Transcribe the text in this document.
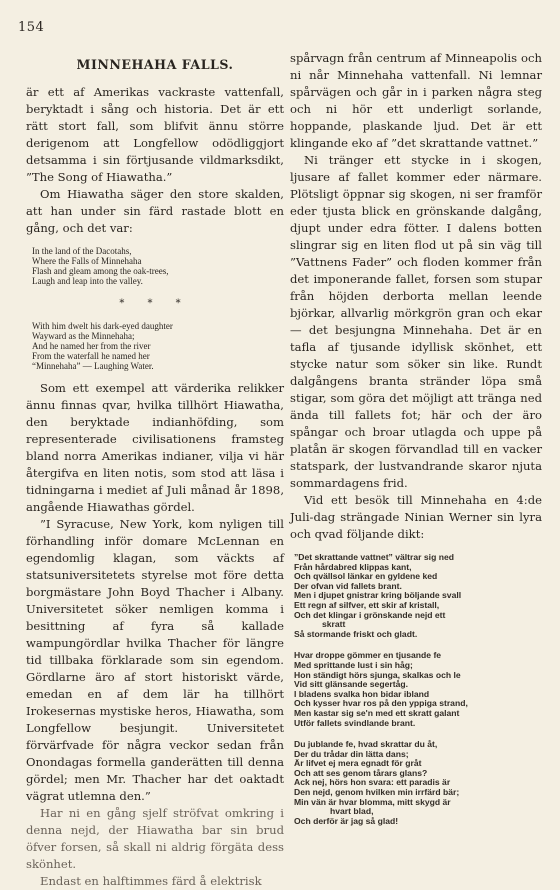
154
MINNEHAHA FALLS.

är ett af Amerikas vackraste vattenfall, beryktadt i sång och historia. Det är ett rätt stort fall, som blifvit ännu större derigenom att Longfellow odödliggjort detsamma i sin förtjusande vildmarksdikt, ”The Song of Hiawatha.”

Om Hiawatha säger den store skalden, att han under sin färd rastade blott en gång, och det var:

In the land of the Dacotahs,
Where the Falls of Minnehaha
Flash and gleam among the oak-trees,
Laugh and leap into the valley.
* * *
With him dwelt his dark-eyed daughter
Wayward as the Minnehaha;
And he named her from the river
From the waterfall he named her
“Minnehaha” — Laughing Water.

Som ett exempel att värderika relikker ännu finnas qvar, hvilka tillhört Hiawatha, den beryktade indianhöfding, som representerade civilisationens framsteg bland norra Amerikas indianer, vilja vi här återgifva en liten notis, som stod att läsa i tidningarna i mediet af Juli månad år 1898, angående Hiawathas gördel.

”I Syracuse, New York, kom nyligen till förhandling inför domare McLennan en egendomlig klagan, som väckts af statsuniversitetets styrelse mot före detta borgmästare John Boyd Thacher i Albany. Universitetet söker nemligen komma i besittning af fyra så kallade wampungördlar hvilka Thacher för längre tid tillbaka förklarade som sin egendom. Gördlarne äro af stort historiskt värde, emedan en af dem lär ha tillhört Irokesernas mystiske heros, Hiawatha, som Longfellow besjungit. Universitetet förvärfvade för några veckor sedan från Onondagas formella ganderätten till denna gördel; men Mr. Thacher har det oaktadt vägrat utlemna den.”

Har ni en gång sjelf ströfvat omkring i denna nejd, der Hiawatha bar sin brud öfver forsen, så skall ni aldrig förgäta dess skönhet.

Endast en halftimmes färd å elektrisk

spårvagn från centrum af Minneapolis och ni når Minnehaha vattenfall. Ni lemnar spårvägen och går in i parken några steg och ni hör ett underligt sorlande, hoppande, plaskande ljud. Det är ett klingande eko af ”det skrattande vattnet.”

Ni tränger ett stycke in i skogen, ljusare af fallet kommer eder närmare. Plötsligt öppnar sig skogen, ni ser framför eder tjusta blick en grönskande dalgång, djupt under edra fötter. I dalens botten slingrar sig en liten flod ut på sin väg till ”Vattnens Fader” och floden kommer från det imponerande fallet, forsen som stupar från höjden derborta mellan leende björkar, allvarlig mörkgrön gran och ekar — det besjungna Minnehaha. Det är en tafla af tjusande idyllisk skönhet, ett stycke natur som söker sin like. Rundt dalgångens branta stränder löpa små stigar, som göra det möjligt att tränga ned ända till fallets fot; här och der äro spångar och broar utlagda och uppe på platån är skogen förvandlad till en vacker statspark, der lustvandrande skaror njuta sommardagens frid.

Vid ett besök till Minnehaha en 4:de Juli-dag strängade Ninian Werner sin lyra och qvad följande dikt:

”Det skrattande vattnet” vältrar sig ned
Från hårdabred klippas kant,
Och qvällsol länkar en gyldene ked
Der ofvan vid fallets brant.
Men i djupet gnistrar kring böljande svall
Ett regn af silfver, ett skir af kristall,
Och det klingar i grönskande nejd ett
skratt
Så stormande friskt och gladt.
Hvar droppe gömmer en tjusande fe
Med sprittande lust i sin håg;
Hon ständigt hörs sjunga, skalkas och le
Vid sitt glänsande segertåg.
I bladens svalka hon bidar ibland
Och kysser hvar ros på den yppiga strand,
Men kastar sig se'n med ett skratt galant
Utför fallets svindlande brant.
Du jublande fe, hvad skrattar du åt,
Der du trådar din lätta dans;
Är lifvet ej mera egnadt för gråt
Och att ses genom tårars glans?
Ack nej, hörs hon svara: ett paradis är
Den nejd, genom hvilken min irrfärd bär;
Min vän är hvar blomma, mitt skygd är
hvart blad,
Och derför är jag så glad!
